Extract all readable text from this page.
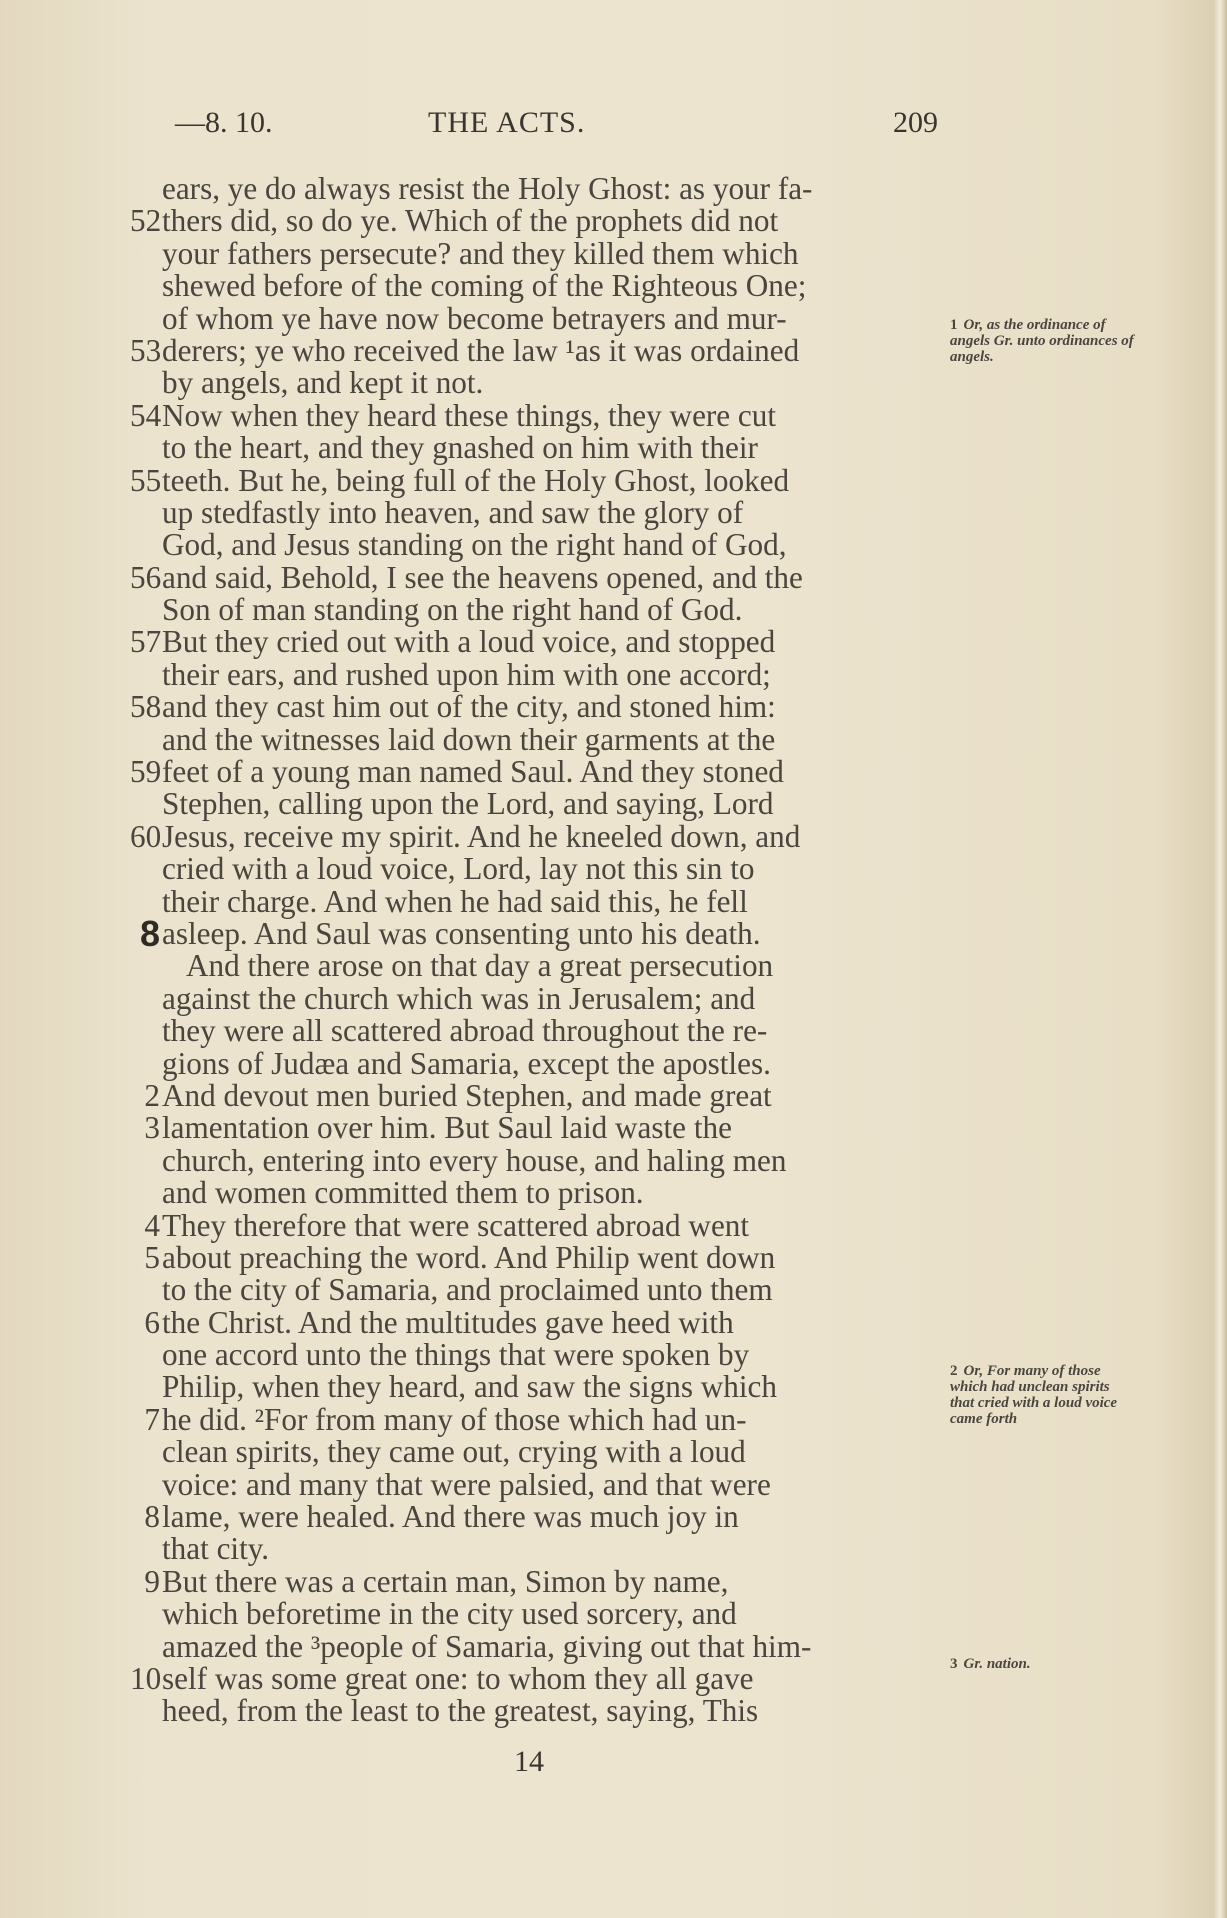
—8. 10.	THE ACTS.	209
ears, ye do always resist the Holy Ghost: as your fa-
52 thers did, so do ye. Which of the prophets did not
your fathers persecute? and they killed them which
shewed before of the coming of the Righteous One;
of whom ye have now become betrayers and mur-
53 derers; ye who received the law ¹as it was ordained
by angels, and kept it not.
54 Now when they heard these things, they were cut
to the heart, and they gnashed on him with their
55 teeth. But he, being full of the Holy Ghost, looked
up stedfastly into heaven, and saw the glory of
God, and Jesus standing on the right hand of God,
56 and said, Behold, I see the heavens opened, and the
Son of man standing on the right hand of God.
57 But they cried out with a loud voice, and stopped
their ears, and rushed upon him with one accord;
58 and they cast him out of the city, and stoned him:
and the witnesses laid down their garments at the
59 feet of a young man named Saul. And they stoned
Stephen, calling upon the Lord, and saying, Lord
60 Jesus, receive my spirit. And he kneeled down, and
cried with a loud voice, Lord, lay not this sin to
their charge. And when he had said this, he fell
8 asleep. And Saul was consenting unto his death.
And there arose on that day a great persecution
against the church which was in Jerusalem; and
they were all scattered abroad throughout the re-
gions of Judæa and Samaria, except the apostles.
2 And devout men buried Stephen, and made great
3 lamentation over him. But Saul laid waste the
church, entering into every house, and haling men
and women committed them to prison.
4 They therefore that were scattered abroad went
5 about preaching the word. And Philip went down
to the city of Samaria, and proclaimed unto them
6 the Christ. And the multitudes gave heed with
one accord unto the things that were spoken by
Philip, when they heard, and saw the signs which
7 he did. ²For from many of those which had un-
clean spirits, they came out, crying with a loud
voice: and many that were palsied, and that were
8 lame, were healed. And there was much joy in
that city.
9 But there was a certain man, Simon by name,
which beforetime in the city used sorcery, and
amazed the ³people of Samaria, giving out that him-
10 self was some great one: to whom they all gave
heed, from the least to the greatest, saying, This
1 Or, as the ordinance of angels Gr. unto ordinances of angels.
2 Or, For many of those which had unclean spirits that cried with a loud voice came forth
3 Gr. nation.
14
